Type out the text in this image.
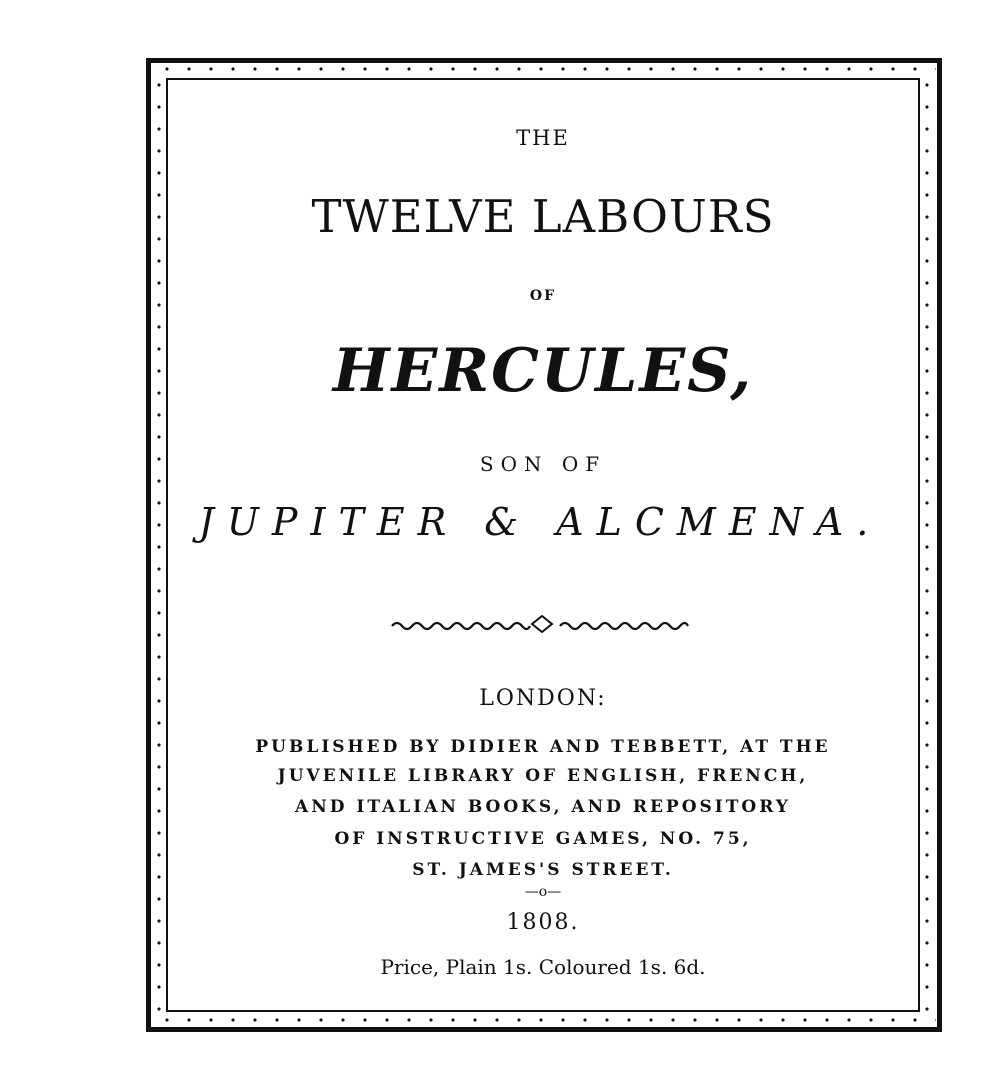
THE
TWELVE LABOURS
OF
HERCULES,
SON OF
JUPITER & ALCMENA.
LONDON:
PUBLISHED BY DIDIER AND TEBBETT, AT THE
JUVENILE LIBRARY OF ENGLISH, FRENCH,
AND ITALIAN BOOKS, AND REPOSITORY
OF INSTRUCTIVE GAMES, NO. 75,
ST. JAMES'S STREET.
—o—
1808.
Price, Plain 1s. Coloured 1s. 6d.
